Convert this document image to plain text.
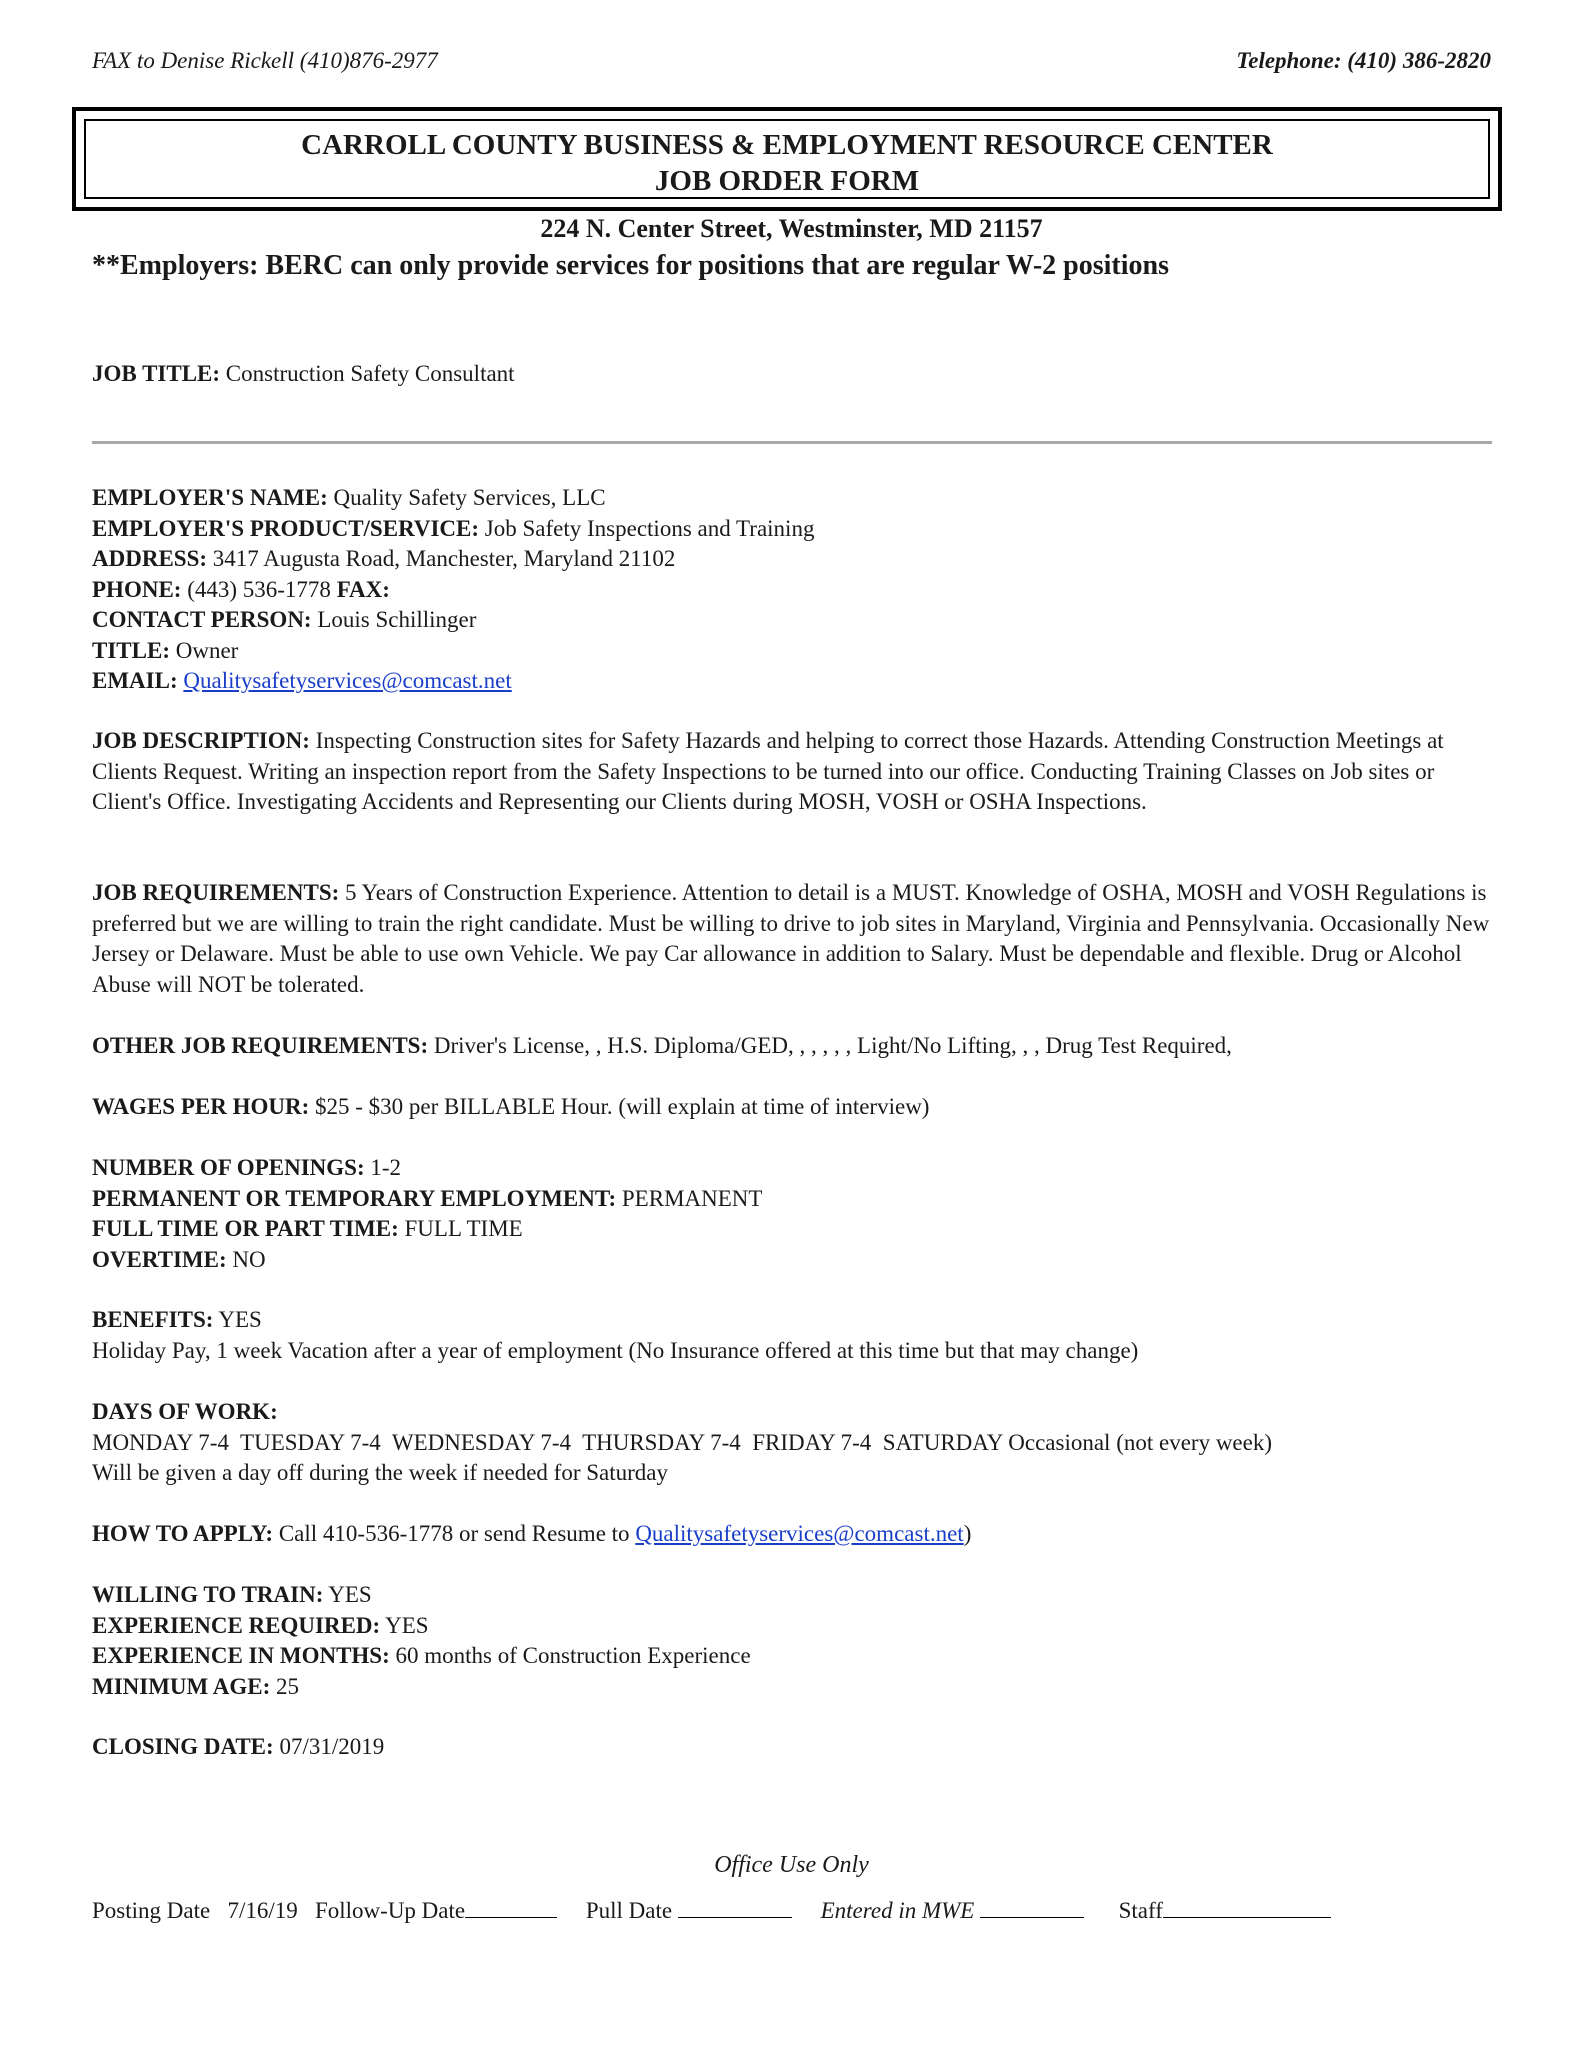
FAX to Denise Rickell (410)876-2977	Telephone: (410) 386-2820
CARROLL COUNTY BUSINESS & EMPLOYMENT RESOURCE CENTER
JOB ORDER FORM
224 N. Center Street, Westminster, MD 21157
**Employers: BERC can only provide services for positions that are regular W-2 positions
JOB TITLE: Construction Safety Consultant
EMPLOYER'S NAME: Quality Safety Services, LLC
EMPLOYER'S PRODUCT/SERVICE: Job Safety Inspections and Training
ADDRESS: 3417 Augusta Road, Manchester, Maryland 21102
PHONE: (443) 536-1778 FAX:
CONTACT PERSON: Louis Schillinger
TITLE: Owner
EMAIL: Qualitysafetyservices@comcast.net
JOB DESCRIPTION: Inspecting Construction sites for Safety Hazards and helping to correct those Hazards. Attending Construction Meetings at Clients Request. Writing an inspection report from the Safety Inspections to be turned into our office. Conducting Training Classes on Job sites or Client's Office. Investigating Accidents and Representing our Clients during MOSH, VOSH or OSHA Inspections.
JOB REQUIREMENTS: 5 Years of Construction Experience. Attention to detail is a MUST. Knowledge of OSHA, MOSH and VOSH Regulations is preferred but we are willing to train the right candidate. Must be willing to drive to job sites in Maryland, Virginia and Pennsylvania. Occasionally New Jersey or Delaware. Must be able to use own Vehicle. We pay Car allowance in addition to Salary. Must be dependable and flexible. Drug or Alcohol Abuse will NOT be tolerated.
OTHER JOB REQUIREMENTS: Driver's License, , H.S. Diploma/GED, , , , , , Light/No Lifting, , , Drug Test Required,
WAGES PER HOUR: $25 - $30 per BILLABLE Hour. (will explain at time of interview)
NUMBER OF OPENINGS: 1-2
PERMANENT OR TEMPORARY EMPLOYMENT: PERMANENT
FULL TIME OR PART TIME: FULL TIME
OVERTIME: NO
BENEFITS: YES
Holiday Pay, 1 week Vacation after a year of employment (No Insurance offered at this time but that may change)
DAYS OF WORK:
MONDAY 7-4  TUESDAY 7-4  WEDNESDAY 7-4  THURSDAY 7-4  FRIDAY 7-4  SATURDAY Occasional (not every week)
Will be given a day off during the week if needed for Saturday
HOW TO APPLY: Call 410-536-1778 or send Resume to Qualitysafetyservices@comcast.net)
WILLING TO TRAIN: YES
EXPERIENCE REQUIRED: YES
EXPERIENCE IN MONTHS: 60 months of Construction Experience
MINIMUM AGE: 25
CLOSING DATE: 07/31/2019
Office Use Only
Posting Date 7/16/19 Follow-Up Date	Pull Date	Entered in MWE	Staff
